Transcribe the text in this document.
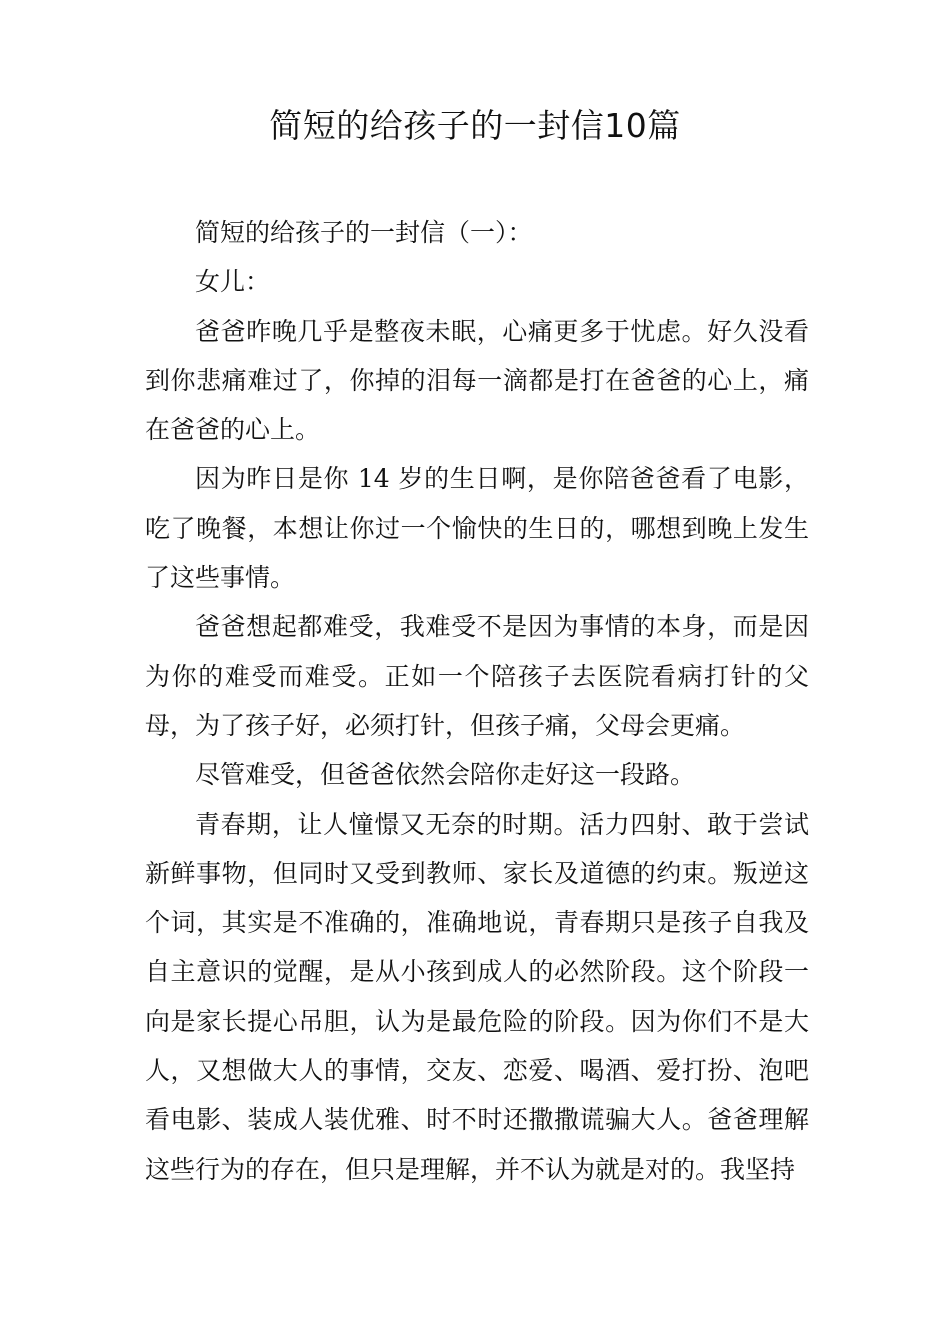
简短的给孩子的一封信10篇

简短的给孩子的一封信（一）：

女儿：

爸爸昨晚几乎是整夜未眠，心痛更多于忧虑。好久没看到你悲痛难过了，你掉的泪每一滴都是打在爸爸的心上，痛在爸爸的心上。

因为昨日是你 14 岁的生日啊，是你陪爸爸看了电影，吃了晚餐，本想让你过一个愉快的生日的，哪想到晚上发生了这些事情。

爸爸想起都难受，我难受不是因为事情的本身，而是因为你的难受而难受。正如一个陪孩子去医院看病打针的父母，为了孩子好，必须打针，但孩子痛，父母会更痛。

尽管难受，但爸爸依然会陪你走好这一段路。

青春期，让人憧憬又无奈的时期。活力四射、敢于尝试新鲜事物，但同时又受到教师、家长及道德的约束。叛逆这个词，其实是不准确的，准确地说，青春期只是孩子自我及自主意识的觉醒，是从小孩到成人的必然阶段。这个阶段一向是家长提心吊胆，认为是最危险的阶段。因为你们不是大人，又想做大人的事情，交友、恋爱、喝酒、爱打扮、泡吧看电影、装成人装优雅、时不时还撒撒谎骗大人。爸爸理解这些行为的存在，但只是理解，并不认为就是对的。我坚持
